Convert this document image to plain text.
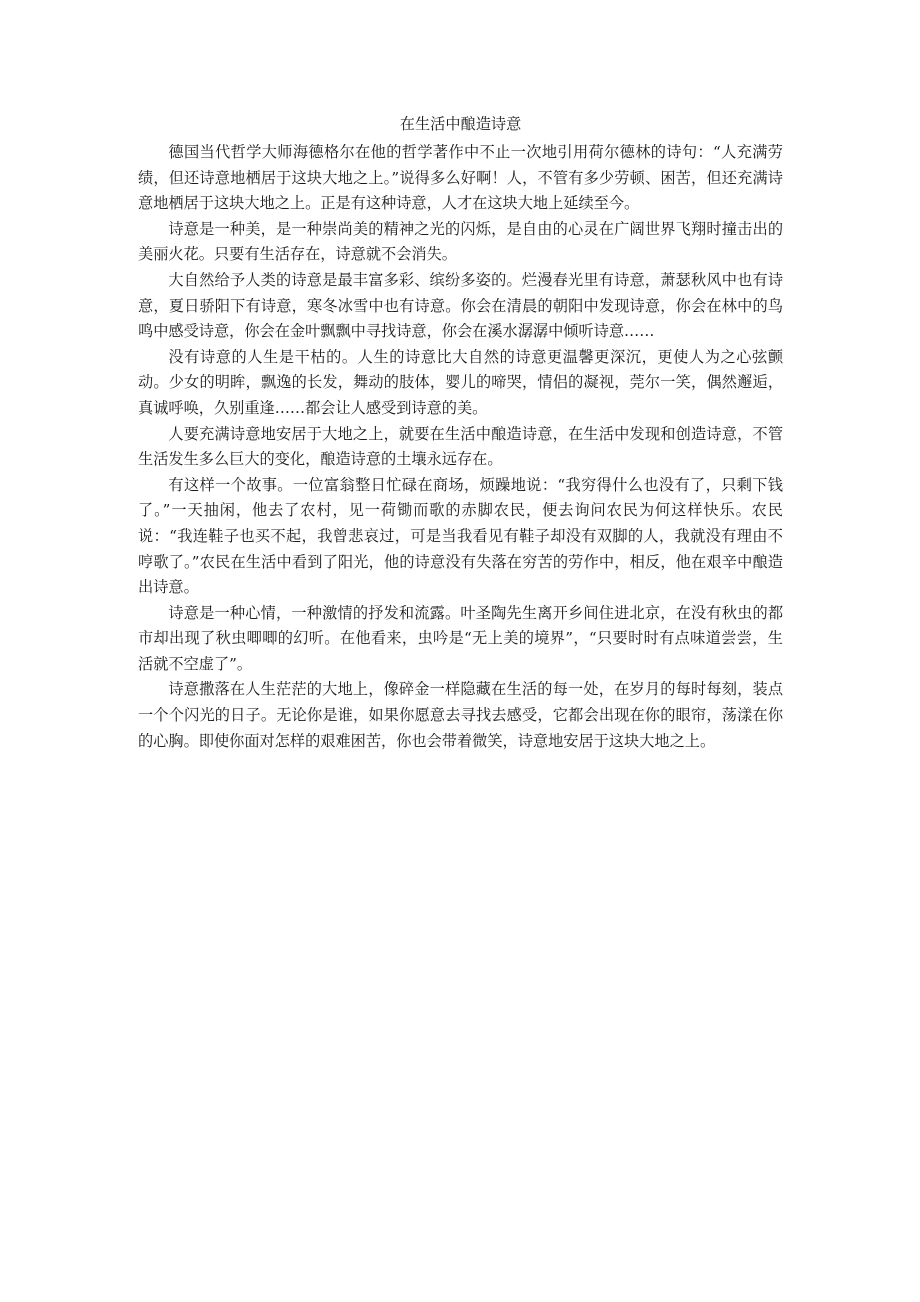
在生活中酿造诗意

德国当代哲学大师海德格尔在他的哲学著作中不止一次地引用荷尔德林的诗句：“人充满劳绩，但还诗意地栖居于这块大地之上。”说得多么好啊！人，不管有多少劳顿、困苦，但还充满诗意地栖居于这块大地之上。正是有这种诗意，人才在这块大地上延续至今。

诗意是一种美，是一种崇尚美的精神之光的闪烁，是自由的心灵在广阔世界飞翔时撞击出的美丽火花。只要有生活存在，诗意就不会消失。

大自然给予人类的诗意是最丰富多彩、缤纷多姿的。烂漫春光里有诗意，萧瑟秋风中也有诗意，夏日骄阳下有诗意，寒冬冰雪中也有诗意。你会在清晨的朝阳中发现诗意，你会在林中的鸟鸣中感受诗意，你会在金叶飘飘中寻找诗意，你会在溪水潺潺中倾听诗意……

没有诗意的人生是干枯的。人生的诗意比大自然的诗意更温馨更深沉，更使人为之心弦颤动。少女的明眸，飘逸的长发，舞动的肢体，婴儿的啼哭，情侣的凝视，莞尔一笑，偶然邂逅，真诚呼唤，久别重逢……都会让人感受到诗意的美。

人要充满诗意地安居于大地之上，就要在生活中酿造诗意，在生活中发现和创造诗意，不管生活发生多么巨大的变化，酿造诗意的土壤永远存在。

有这样一个故事。一位富翁整日忙碌在商场，烦躁地说：“我穷得什么也没有了，只剩下钱了。”一天抽闲，他去了农村，见一荷锄而歌的赤脚农民，便去询问农民为何这样快乐。农民说：“我连鞋子也买不起，我曾悲哀过，可是当我看见有鞋子却没有双脚的人，我就没有理由不哼歌了。”农民在生活中看到了阳光，他的诗意没有失落在穷苦的劳作中，相反，他在艰辛中酿造出诗意。

诗意是一种心情，一种激情的抒发和流露。叶圣陶先生离开乡间住进北京，在没有秋虫的都市却出现了秋虫唧唧的幻听。在他看来，虫吟是“无上美的境界”，“只要时时有点味道尝尝，生活就不空虚了”。

诗意撒落在人生茫茫的大地上，像碎金一样隐藏在生活的每一处，在岁月的每时每刻，装点一个个闪光的日子。无论你是谁，如果你愿意去寻找去感受，它都会出现在你的眼帘，荡漾在你的心胸。即使你面对怎样的艰难困苦，你也会带着微笑，诗意地安居于这块大地之上。
